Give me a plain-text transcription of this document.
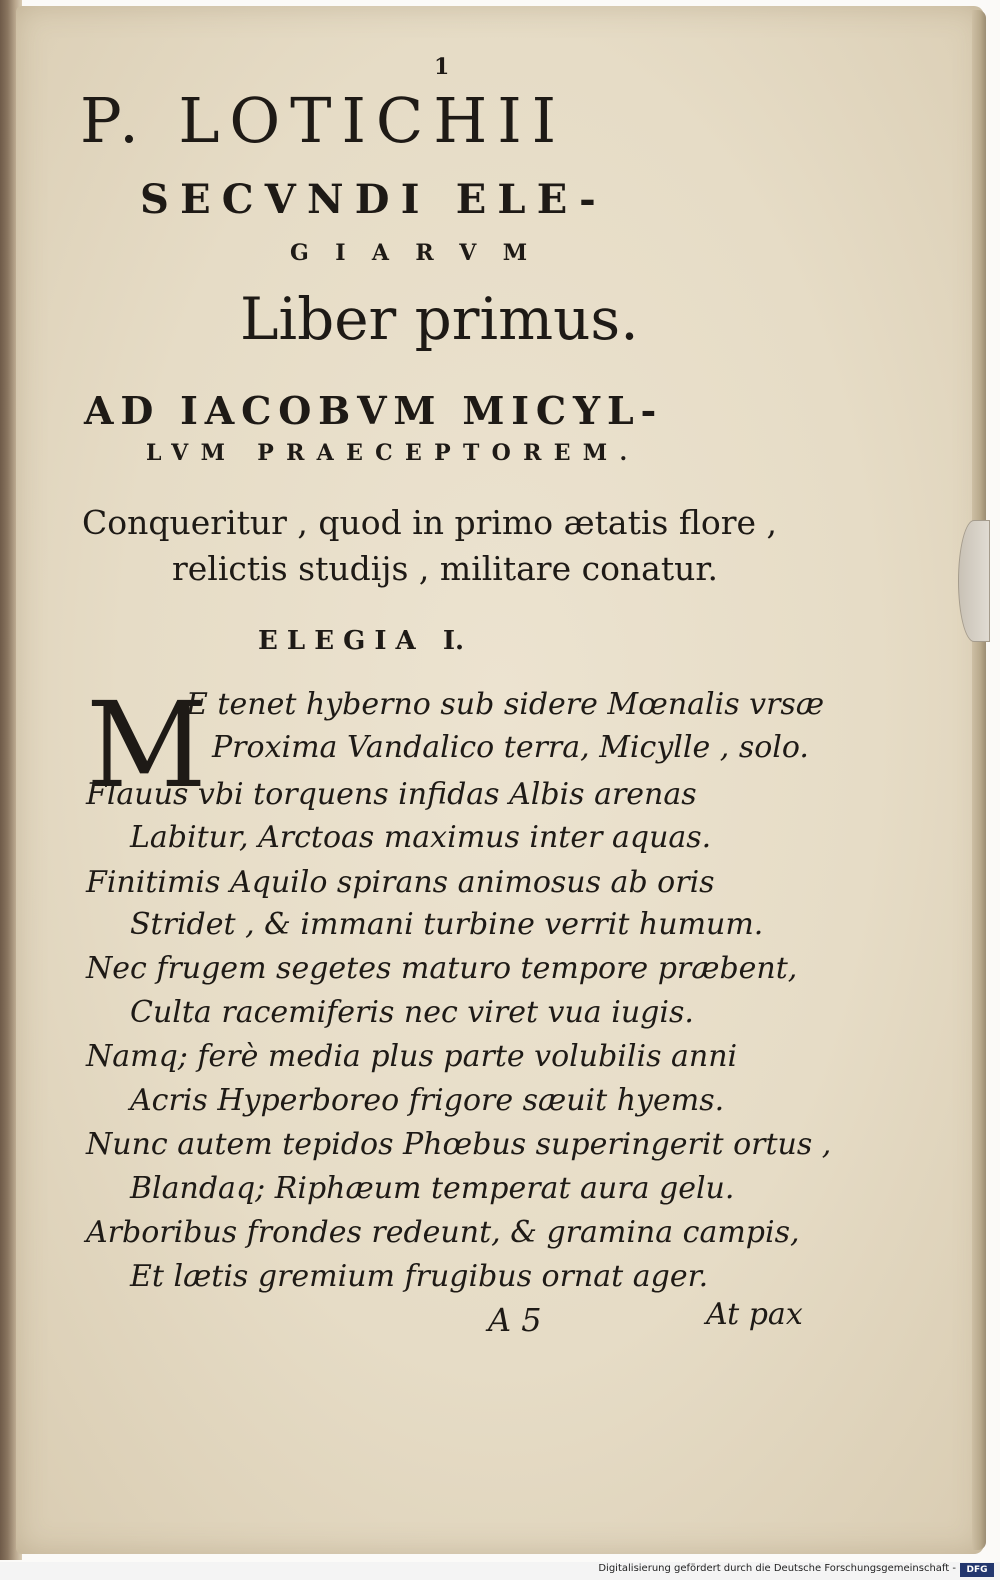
1
P. LOTICHII
SECVNDI ELE-
GIARVM
Liber primus.
AD IACOBVM MICYL-
LVM PRAECEPTOREM.
Conqueritur , quod in primo ætatis flore ,
relictis studijs , militare conatur.
E L E G I A   I.
M
E tenet hyberno sub sidere Mœnalis vrsæ
Proxima Vandalico terra, Micylle , solo.
Flauus vbi torquens infidas Albis arenas
Labitur, Arctoas maximus inter aquas.
Finitimis Aquilo spirans animosus ab oris
Stridet , & immani turbine verrit humum.
Nec frugem segetes maturo tempore præbent,
Culta racemiferis nec viret vua iugis.
Namq; ferè media plus parte volubilis anni
Acris Hyperboreo frigore sæuit hyems.
Nunc autem tepidos Phœbus superingerit ortus ,
Blandaq; Riphæum temperat aura gelu.
Arboribus frondes redeunt, & gramina campis,
Et lætis gremium frugibus ornat ager.
A 5	At pax
Digitalisierung gefördert durch die Deutsche Forschungsgemeinschaft -	DFG
